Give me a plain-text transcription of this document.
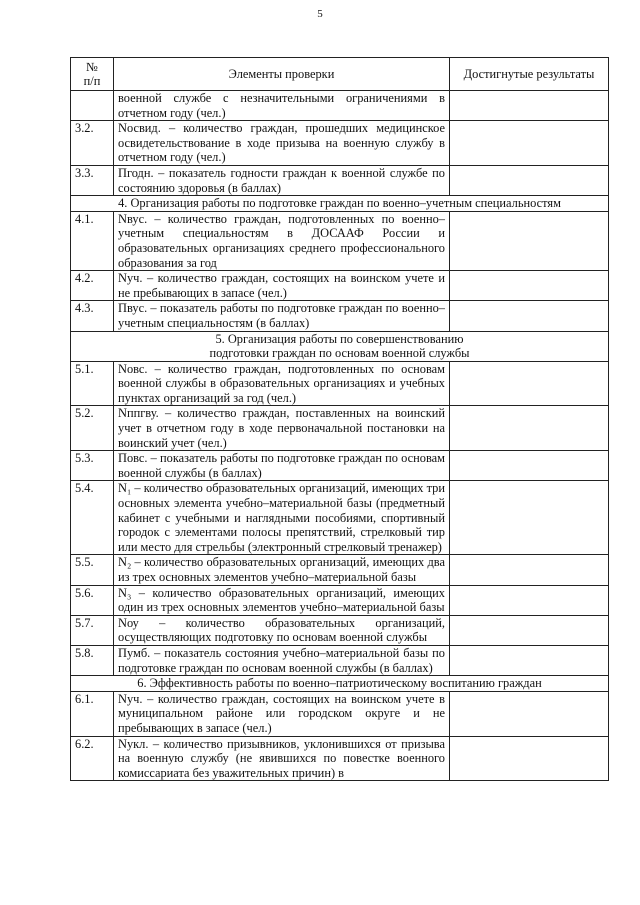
5
№
п/п	Элементы проверки	Достигнутые результаты
	военной службе с незначительными ограничениями в отчетном году (чел.)	
3.2.	Nосвид. – количество граждан, прошедших медицинское освидетельствование в ходе призыва на военную службу в отчетном году (чел.)	
3.3.	Пгодн. – показатель годности граждан к военной службе по состоянию здоровья (в баллах)	
4. Организация работы по подготовке граждан по военно–учетным специальностям		
4.1.	Nвус. – количество граждан, подготовленных по военно–учетным специальностям в ДОСААФ России и образовательных организациях среднего профессионального образования за год	
4.2.	Nуч. – количество граждан, состоящих на воинском учете и не пребывающих в запасе (чел.)	
4.3.	Пвус. – показатель работы по подготовке граждан по военно–учетным специальностям (в баллах)	

5. Организация работы по совершенствованию
подготовки граждан по основам военной службы		

5.1.	Nовс. – количество граждан, подготовленных по основам военной службы в образовательных организациях и учебных пунктах организаций за год (чел.)	
5.2.	Nппгву. – количество граждан, поставленных на воинский учет в отчетном году в ходе первоначальной постановки на воинский учет (чел.)	
5.3.	Повс. – показатель работы по подготовке граждан по основам военной службы (в баллах)	
5.4.	N₁ – количество образовательных организаций, имеющих три основных элемента учебно–материальной базы (предметный кабинет с учебными и наглядными пособиями, спортивный городок с элементами полосы препятствий, стрелковый тир или место для стрельбы (электронный стрелковый тренажер)	
5.5.	N₂ – количество образовательных организаций, имеющих два из трех основных элементов учебно–материальной базы	
5.6.	N₃ – количество образовательных организаций, имеющих один из трех основных элементов учебно–материальной базы	
5.7.	Nоу – количество образовательных организаций, осуществляющих подготовку по основам военной службы	
5.8.	Пумб. – показатель состояния учебно–материальной базы по подготовке граждан по основам военной службы (в баллах)	
6. Эффективность работы по военно–патриотическому воспитанию граждан		
6.1.	Nуч. – количество граждан, состоящих на воинском учете в муниципальном районе или городском округе и не пребывающих в запасе (чел.)	
6.2.	Nукл. – количество призывников, уклонившихся от призыва на военную службу (не явившихся по повестке военного комиссариата без уважительных причин) в	
